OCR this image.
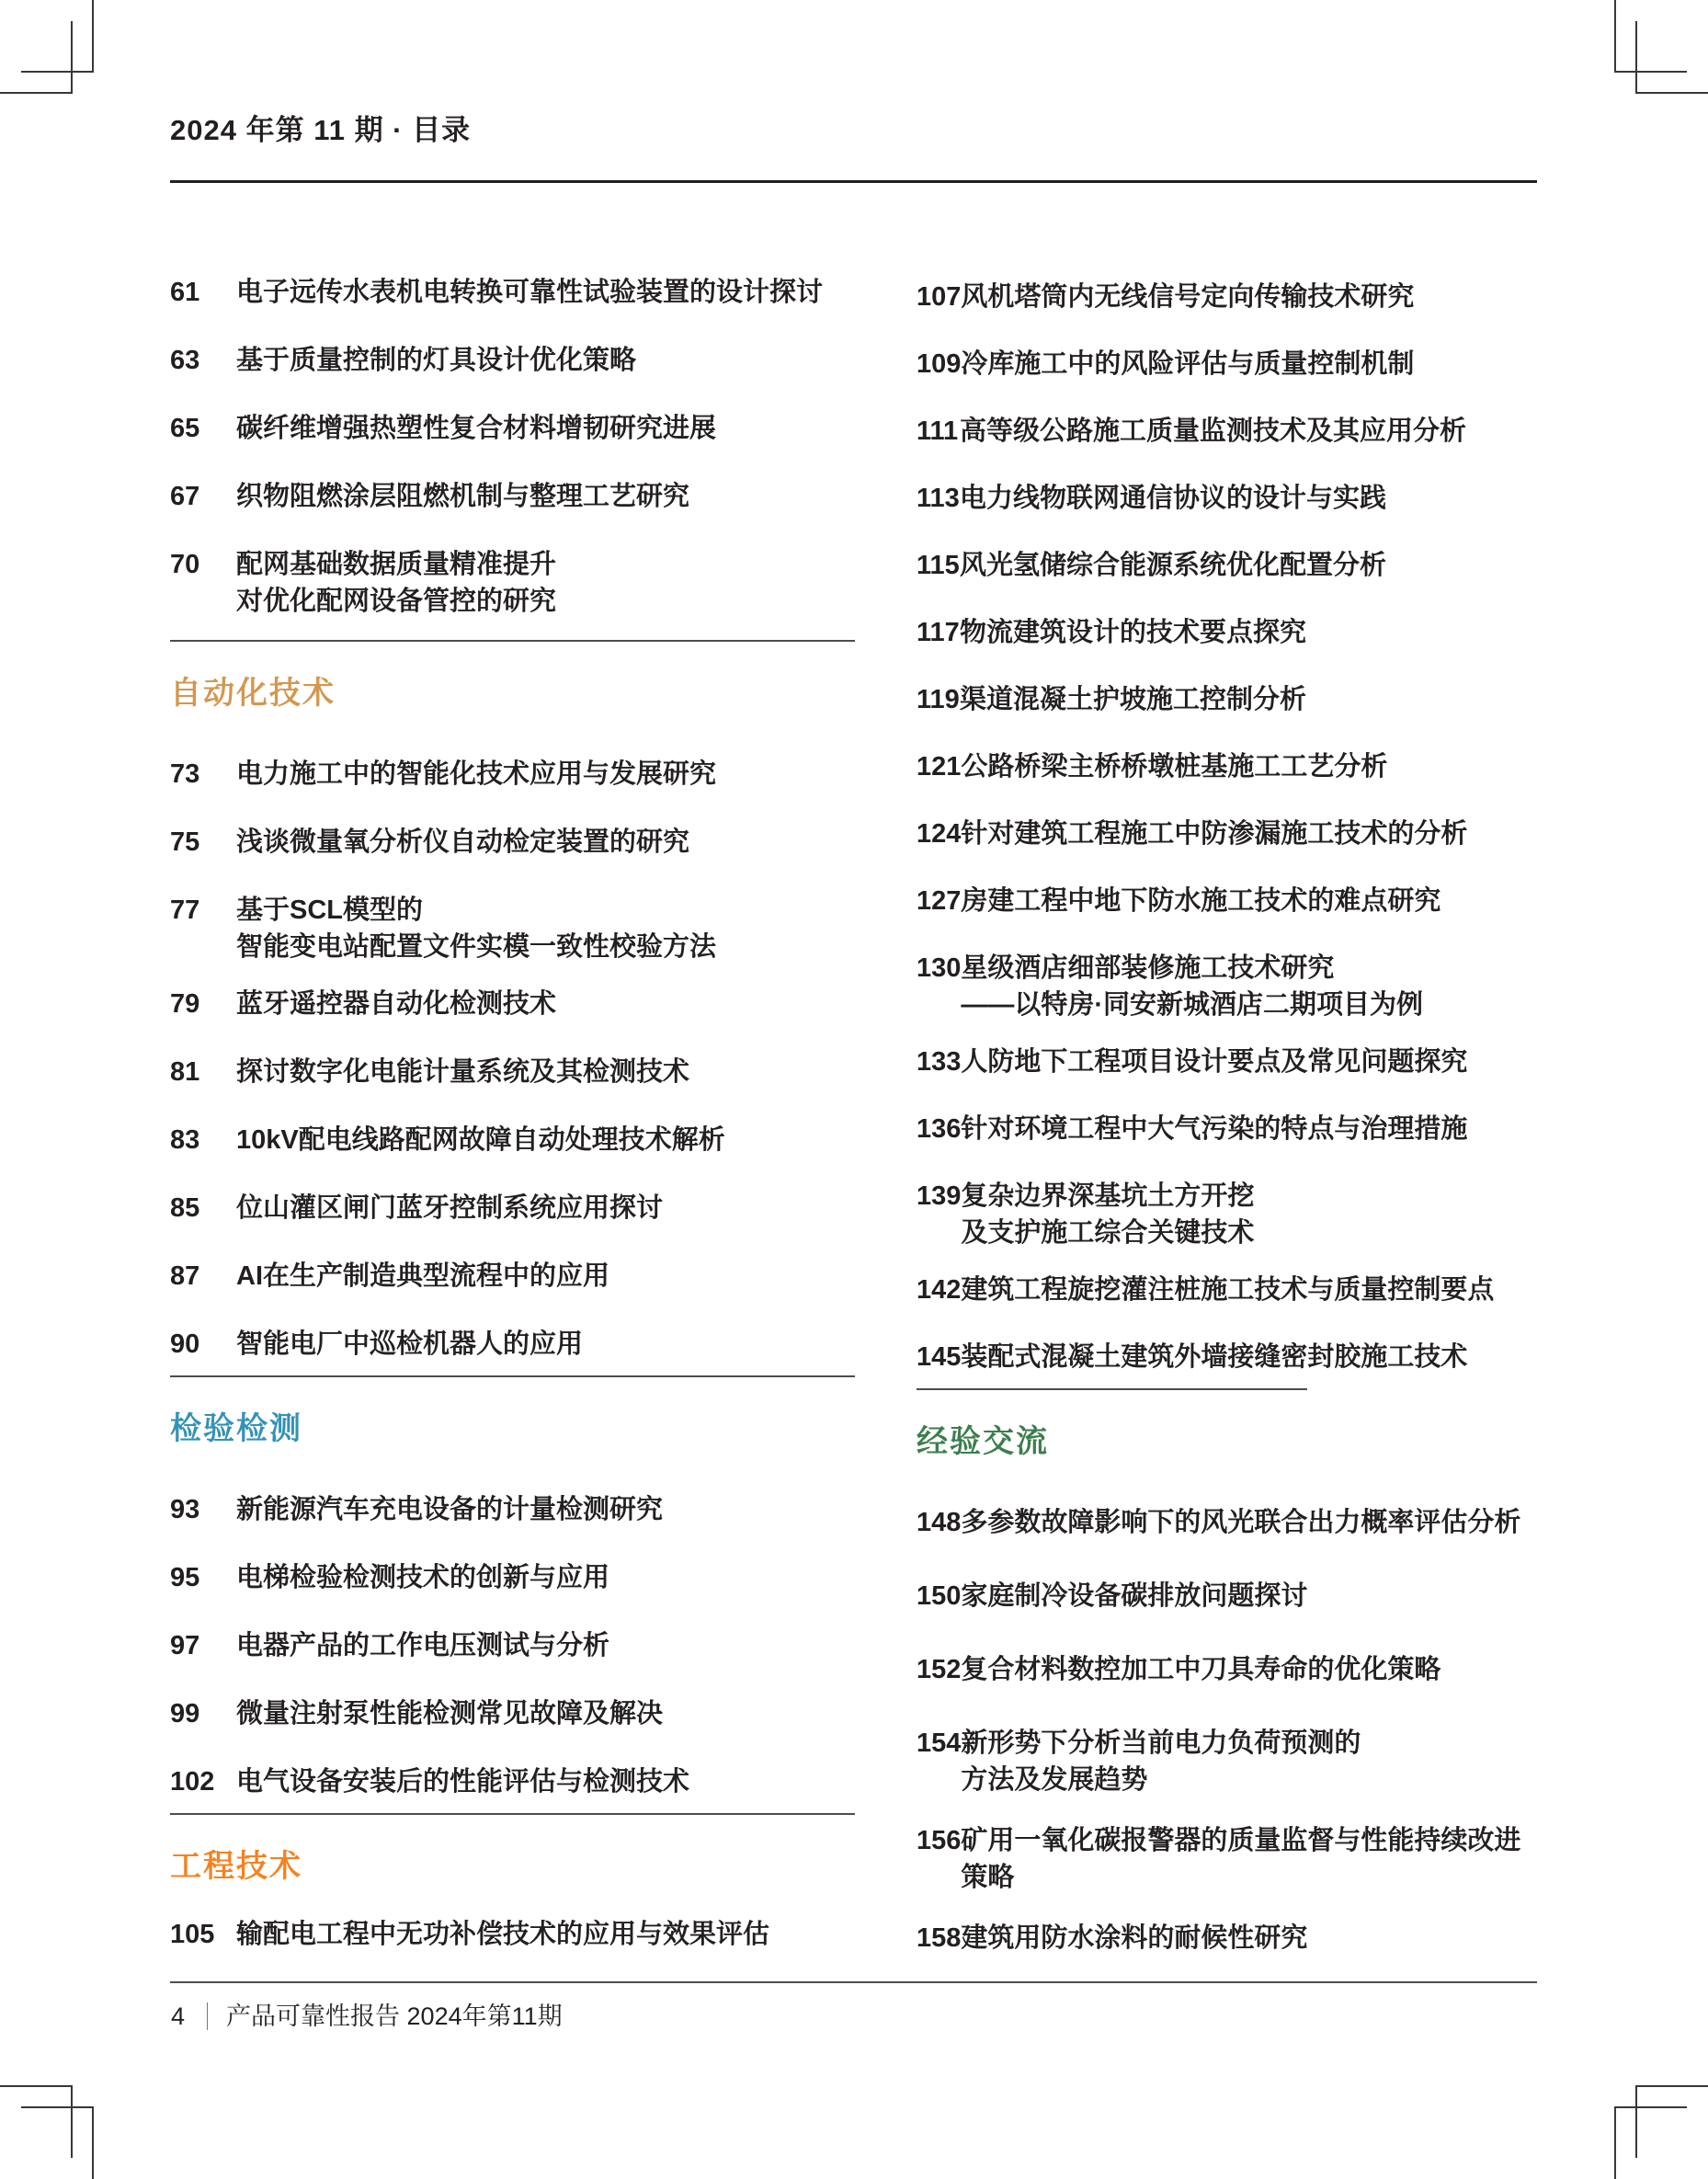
2024 年第 11 期 · 目录
61	电子远传水表机电转换可靠性试验装置的设计探讨
63	基于质量控制的灯具设计优化策略
65	碳纤维增强热塑性复合材料增韧研究进展
67	织物阻燃涂层阻燃机制与整理工艺研究
70	配网基础数据质量精准提升
对优化配网设备管控的研究
自动化技术
73	电力施工中的智能化技术应用与发展研究
75	浅谈微量氧分析仪自动检定装置的研究
77	基于SCL模型的
智能变电站配置文件实模一致性校验方法
79	蓝牙遥控器自动化检测技术
81	探讨数字化电能计量系统及其检测技术
83	10kV配电线路配网故障自动处理技术解析
85	位山灌区闸门蓝牙控制系统应用探讨
87	AI在生产制造典型流程中的应用
90	智能电厂中巡检机器人的应用
检验检测
93	新能源汽车充电设备的计量检测研究
95	电梯检验检测技术的创新与应用
97	电器产品的工作电压测试与分析
99	微量注射泵性能检测常见故障及解决
102 电气设备安装后的性能评估与检测技术
工程技术
105 输配电工程中无功补偿技术的应用与效果评估
107 风机塔筒内无线信号定向传输技术研究
109 冷库施工中的风险评估与质量控制机制
111 高等级公路施工质量监测技术及其应用分析
113 电力线物联网通信协议的设计与实践
115 风光氢储综合能源系统优化配置分析
117 物流建筑设计的技术要点探究
119 渠道混凝土护坡施工控制分析
121 公路桥梁主桥桥墩桩基施工工艺分析
124 针对建筑工程施工中防渗漏施工技术的分析
127 房建工程中地下防水施工技术的难点研究
130 星级酒店细部装修施工技术研究
——以特房·同安新城酒店二期项目为例
133 人防地下工程项目设计要点及常见问题探究
136 针对环境工程中大气污染的特点与治理措施
139 复杂边界深基坑土方开挖
及支护施工综合关键技术
142 建筑工程旋挖灌注桩施工技术与质量控制要点
145 装配式混凝土建筑外墙接缝密封胶施工技术
经验交流
148 多参数故障影响下的风光联合出力概率评估分析
150 家庭制冷设备碳排放问题探讨
152 复合材料数控加工中刀具寿命的优化策略
154 新形势下分析当前电力负荷预测的
方法及发展趋势
156 矿用一氧化碳报警器的质量监督与性能持续改进
策略
158 建筑用防水涂料的耐候性研究
4 产品可靠性报告 2024年第11期
